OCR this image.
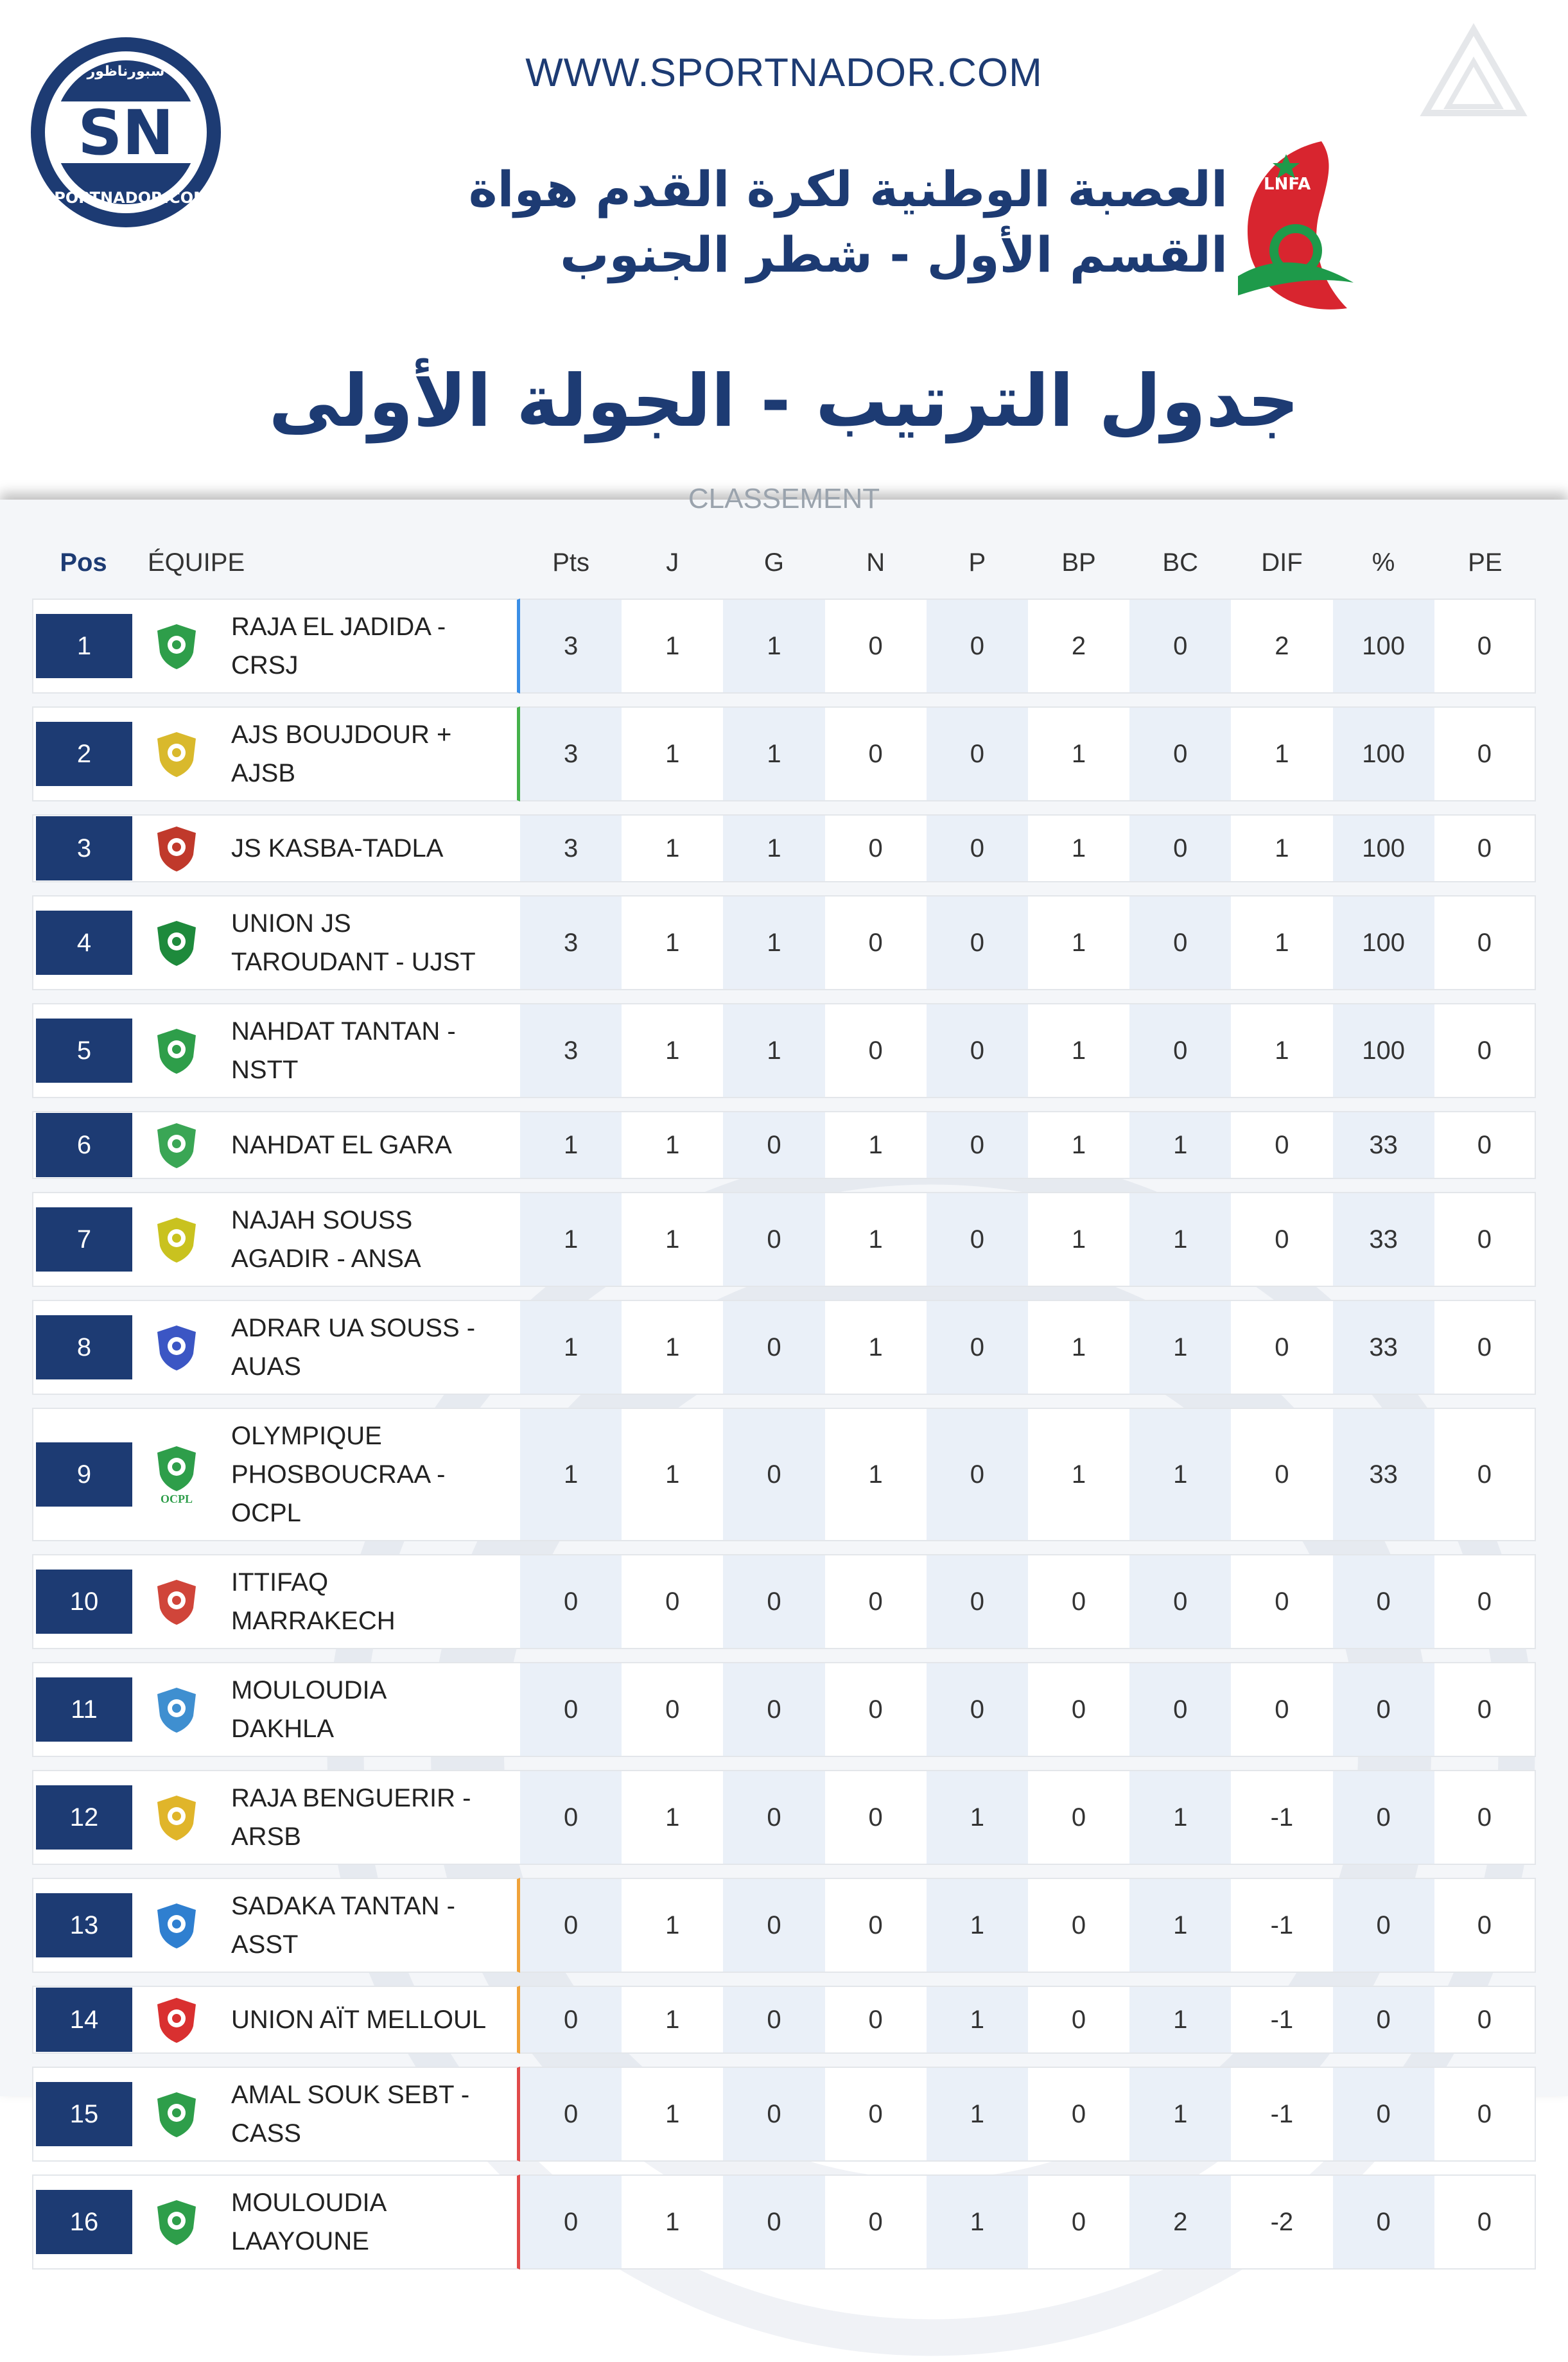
SN
سبورناظور
SPORTNADOR.COM
WWW.SPORTNADOR.COM
العصبة الوطنية لكرة القدم هواة
القسم الأول - شطر الجنوب
LNFA
جدول الترتيب - الجولة الأولى
CLASSEMENT
Pos	ÉQUIPE		Pts	J	G	N	P	BP	BC	DIF	%	PE

1		RAJA EL JADIDA -
CRSJ	3	1	1	0	0	2	0	2	100	0

2		AJS BOUJDOUR +
AJSB	3	1	1	0	0	1	0	1	100	0

3		JS KASBA-TADLA	3	1	1	0	0	1	0	1	100	0

4		UNION JS
TAROUDANT - UJST	3	1	1	0	0	1	0	1	100	0

5		NAHDAT TANTAN -
NSTT	3	1	1	0	0	1	0	1	100	0

6		NAHDAT EL GARA	1	1	0	1	0	1	1	0	33	0

7		NAJAH SOUSS
AGADIR - ANSA	1	1	0	1	0	1	1	0	33	0

8		ADRAR UA SOUSS -
AUAS	1	1	0	1	0	1	1	0	33	0

9	OCPL	OLYMPIQUE
PHOSBOUCRAA -
OCPL	1	1	0	1	0	1	1	0	33	0

10		ITTIFAQ
MARRAKECH	0	0	0	0	0	0	0	0	0	0

11		MOULOUDIA
DAKHLA	0	0	0	0	0	0	0	0	0	0

12		RAJA BENGUERIR -
ARSB	0	1	0	0	1	0	1	-1	0	0

13		SADAKA TANTAN -
ASST	0	1	0	0	1	0	1	-1	0	0

14		UNION AÏT MELLOUL	0	1	0	0	1	0	1	-1	0	0

15		AMAL SOUK SEBT -
CASS	0	1	0	0	1	0	1	-1	0	0

16		MOULOUDIA
LAAYOUNE	0	1	0	0	1	0	2	-2	0	0
